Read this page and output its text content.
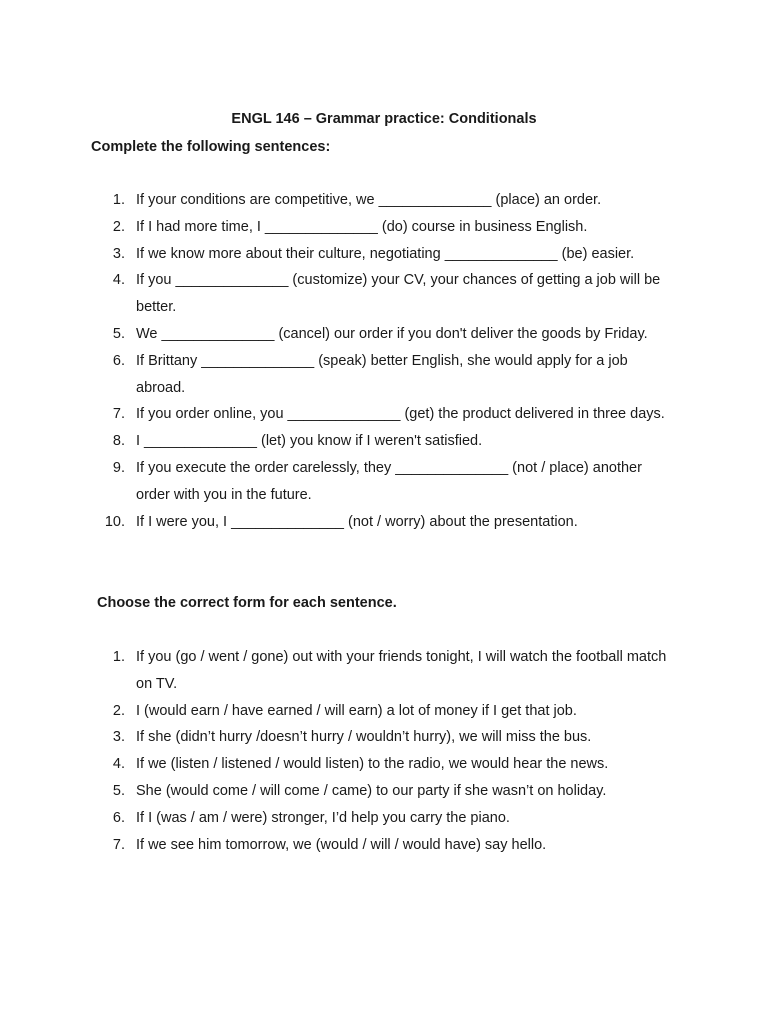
ENGL 146 – Grammar practice: Conditionals
Complete the following sentences:
1. If your conditions are competitive, we ______________ (place) an order.
2. If I had more time, I ______________ (do) course in business English.
3. If we know more about their culture, negotiating ______________ (be) easier.
4. If you ______________ (customize) your CV, your chances of getting a job will be better.
5. We ______________ (cancel) our order if you don't deliver the goods by Friday.
6. If Brittany ______________ (speak) better English, she would apply for a job abroad.
7. If you order online, you ______________ (get) the product delivered in three days.
8. I ______________ (let) you know if I weren't satisfied.
9. If you execute the order carelessly, they ______________ (not / place) another order with you in the future.
10. If I were you, I ______________ (not / worry) about the presentation.
Choose the correct form for each sentence.
1. If you (go / went / gone) out with your friends tonight, I will watch the football match on TV.
2. I (would earn / have earned / will earn) a lot of money if I get that job.
3. If she (didn’t hurry /doesn’t hurry / wouldn’t hurry), we will miss the bus.
4. If we (listen / listened / would listen) to the radio, we would hear the news.
5. She (would come / will come / came) to our party if she wasn’t on holiday.
6. If I (was / am / were) stronger, I’d help you carry the piano.
7. If we see him tomorrow, we (would / will / would have) say hello.
